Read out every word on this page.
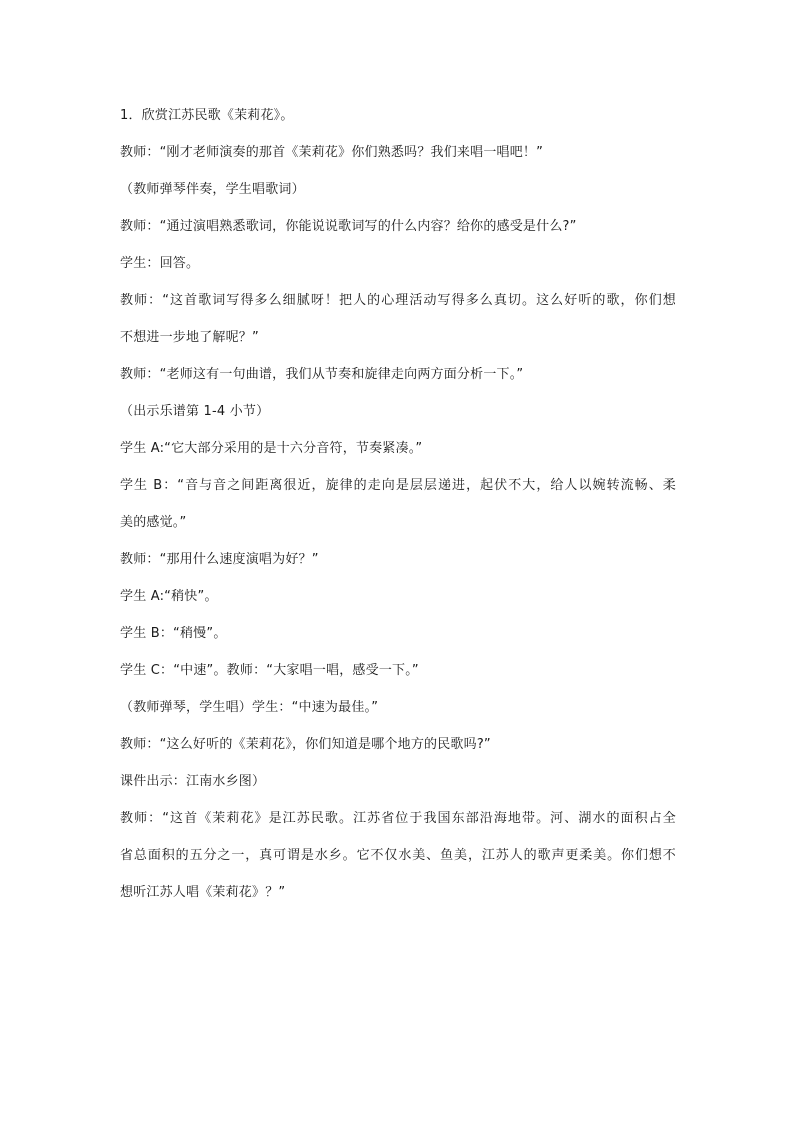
1．欣赏江苏民歌《茉莉花》。
教师：“刚才老师演奏的那首《茉莉花》你们熟悉吗？我们来唱一唱吧！”
（教师弹琴伴奏，学生唱歌词）
教师：“通过演唱熟悉歌词，你能说说歌词写的什么内容？给你的感受是什么?”
学生：回答。
教师：“这首歌词写得多么细腻呀！把人的心理活动写得多么真切。这么好听的歌，你们想
不想进一步地了解呢？”
教师：“老师这有一句曲谱，我们从节奏和旋律走向两方面分析一下。”
（出示乐谱第 1-4 小节）
学生 A:“它大部分采用的是十六分音符，节奏紧凑。”
学生 B：“音与音之间距离很近，旋律的走向是层层递进，起伏不大，给人以婉转流畅、柔
美的感觉。”
教师：“那用什么速度演唱为好？”
学生 A:“稍快”。
学生 B：“稍慢”。
学生 C：“中速”。教师：“大家唱一唱，感受一下。”
（教师弹琴，学生唱）学生：“中速为最佳。”
教师：“这么好听的《茉莉花》，你们知道是哪个地方的民歌吗?”
课件出示：江南水乡图）
教师：“这首《茉莉花》是江苏民歌。江苏省位于我国东部沿海地带。河、湖水的面积占全
省总面积的五分之一，真可谓是水乡。它不仅水美、鱼美，江苏人的歌声更柔美。你们想不
想听江苏人唱《茉莉花》？”
